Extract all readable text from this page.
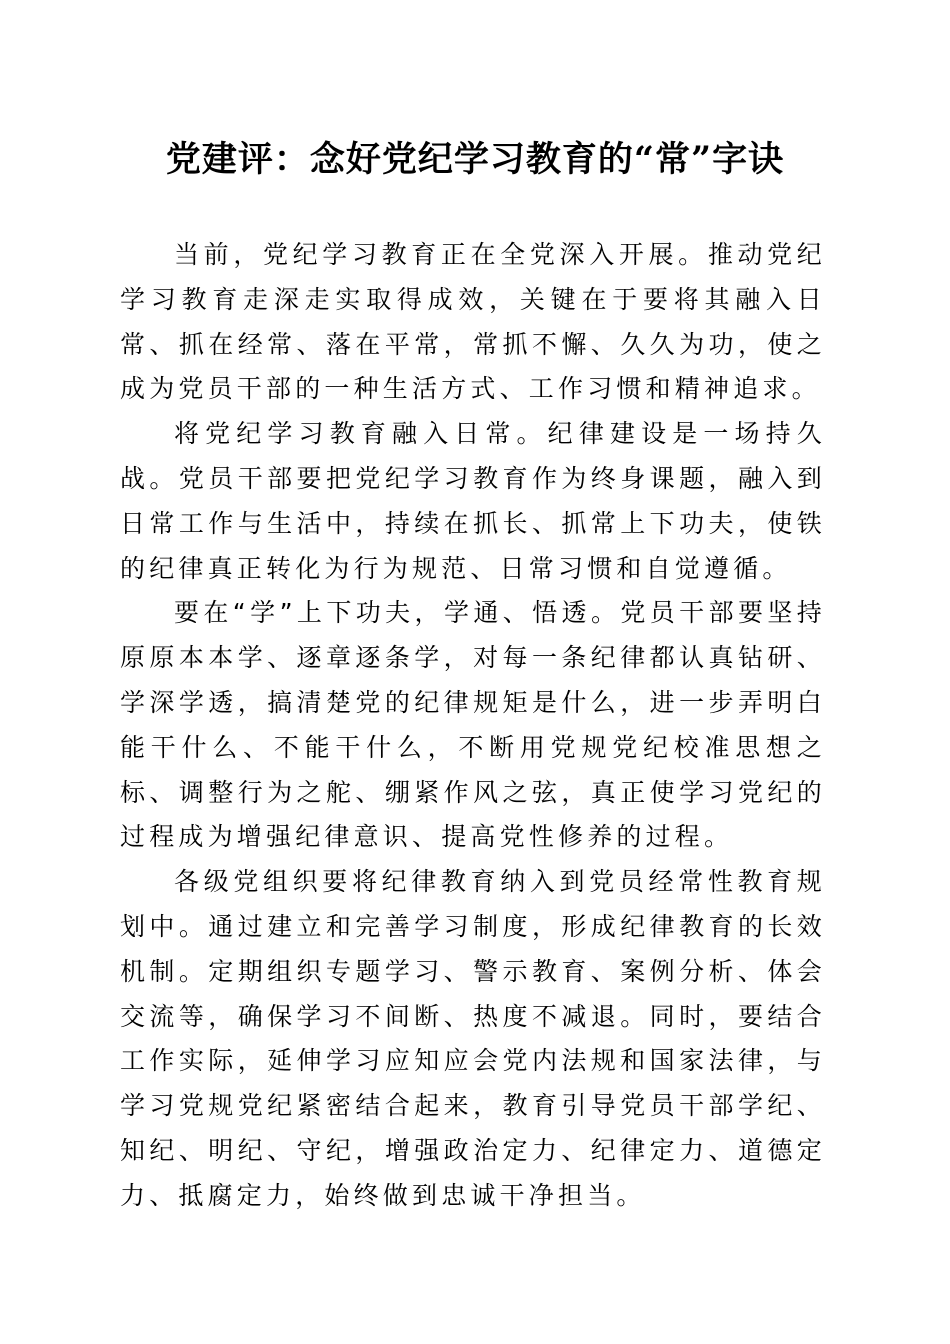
党建评：念好党纪学习教育的“常”字诀

当前，党纪学习教育正在全党深入开展。推动党纪学习教育走深走实取得成效，关键在于要将其融入日常、抓在经常、落在平常，常抓不懈、久久为功，使之成为党员干部的一种生活方式、工作习惯和精神追求。

将党纪学习教育融入日常。纪律建设是一场持久战。党员干部要把党纪学习教育作为终身课题，融入到日常工作与生活中，持续在抓长、抓常上下功夫，使铁的纪律真正转化为行为规范、日常习惯和自觉遵循。

要在“学”上下功夫，学通、悟透。党员干部要坚持原原本本学、逐章逐条学，对每一条纪律都认真钻研、学深学透，搞清楚党的纪律规矩是什么，进一步弄明白能干什么、不能干什么，不断用党规党纪校准思想之标、调整行为之舵、绷紧作风之弦，真正使学习党纪的过程成为增强纪律意识、提高党性修养的过程。

各级党组织要将纪律教育纳入到党员经常性教育规划中。通过建立和完善学习制度，形成纪律教育的长效机制。定期组织专题学习、警示教育、案例分析、体会交流等，确保学习不间断、热度不减退。同时，要结合工作实际，延伸学习应知应会党内法规和国家法律，与学习党规党纪紧密结合起来，教育引导党员干部学纪、知纪、明纪、守纪，增强政治定力、纪律定力、道德定力、抵腐定力，始终做到忠诚干净担当。
